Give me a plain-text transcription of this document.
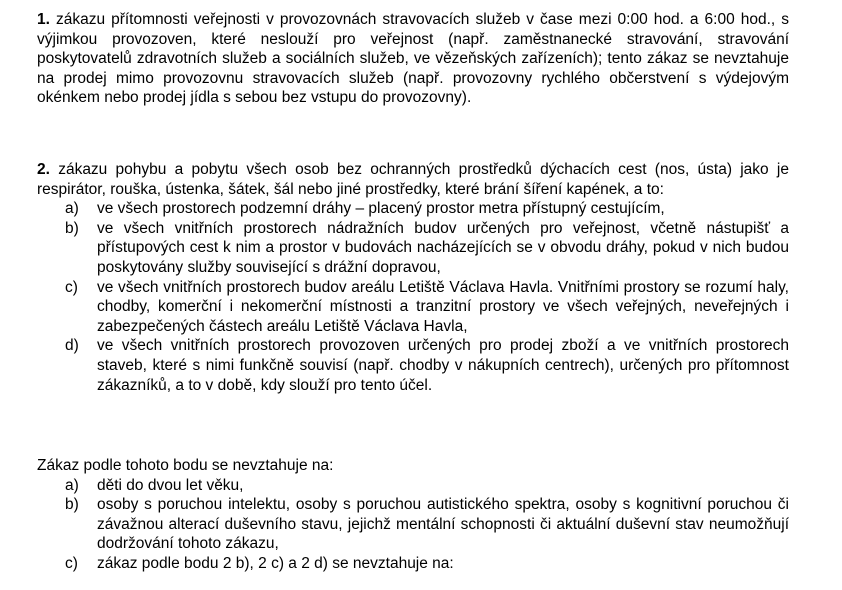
1. zákazu přítomnosti veřejnosti v provozovnách stravovacích služeb v čase mezi 0:00 hod. a 6:00 hod., s výjimkou provozoven, které neslouží pro veřejnost (např. zaměstnanecké stravování, stravování poskytovatelů zdravotních služeb a sociálních služeb, ve vězeňských zařízeních); tento zákaz se nevztahuje na prodej mimo provozovnu stravovacích služeb (např. provozovny rychlého občerstvení s výdejovým okénkem nebo prodej jídla s sebou bez vstupu do provozovny).
2. zákazu pohybu a pobytu všech osob bez ochranných prostředků dýchacích cest (nos, ústa) jako je respirátor, rouška, ústenka, šátek, šál nebo jiné prostředky, které brání šíření kapének, a to:
a) ve všech prostorech podzemní dráhy – placený prostor metra přístupný cestujícím,
b) ve všech vnitřních prostorech nádražních budov určených pro veřejnost, včetně nástupišť a přístupových cest k nim a prostor v budovách nacházejících se v obvodu dráhy, pokud v nich budou poskytovány služby související s drážní dopravou,
c) ve všech vnitřních prostorech budov areálu Letiště Václava Havla. Vnitřními prostory se rozumí haly, chodby, komerční i nekomerční místnosti a tranzitní prostory ve všech veřejných, neveřejných i zabezpečených částech areálu Letiště Václava Havla,
d) ve všech vnitřních prostorech provozoven určených pro prodej zboží a ve vnitřních prostorech staveb, které s nimi funkčně souvisí (např. chodby v nákupních centrech), určených pro přítomnost zákazníků, a to v době, kdy slouží pro tento účel.
Zákaz podle tohoto bodu se nevztahuje na:
a) děti do dvou let věku,
b) osoby s poruchou intelektu, osoby s poruchou autistického spektra, osoby s kognitivní poruchou či závažnou alterací duševního stavu, jejichž mentální schopnosti či aktuální duševní stav neumožňují dodržování tohoto zákazu,
c) zákaz podle bodu 2 b), 2 c) a 2 d) se nevztahuje na:
